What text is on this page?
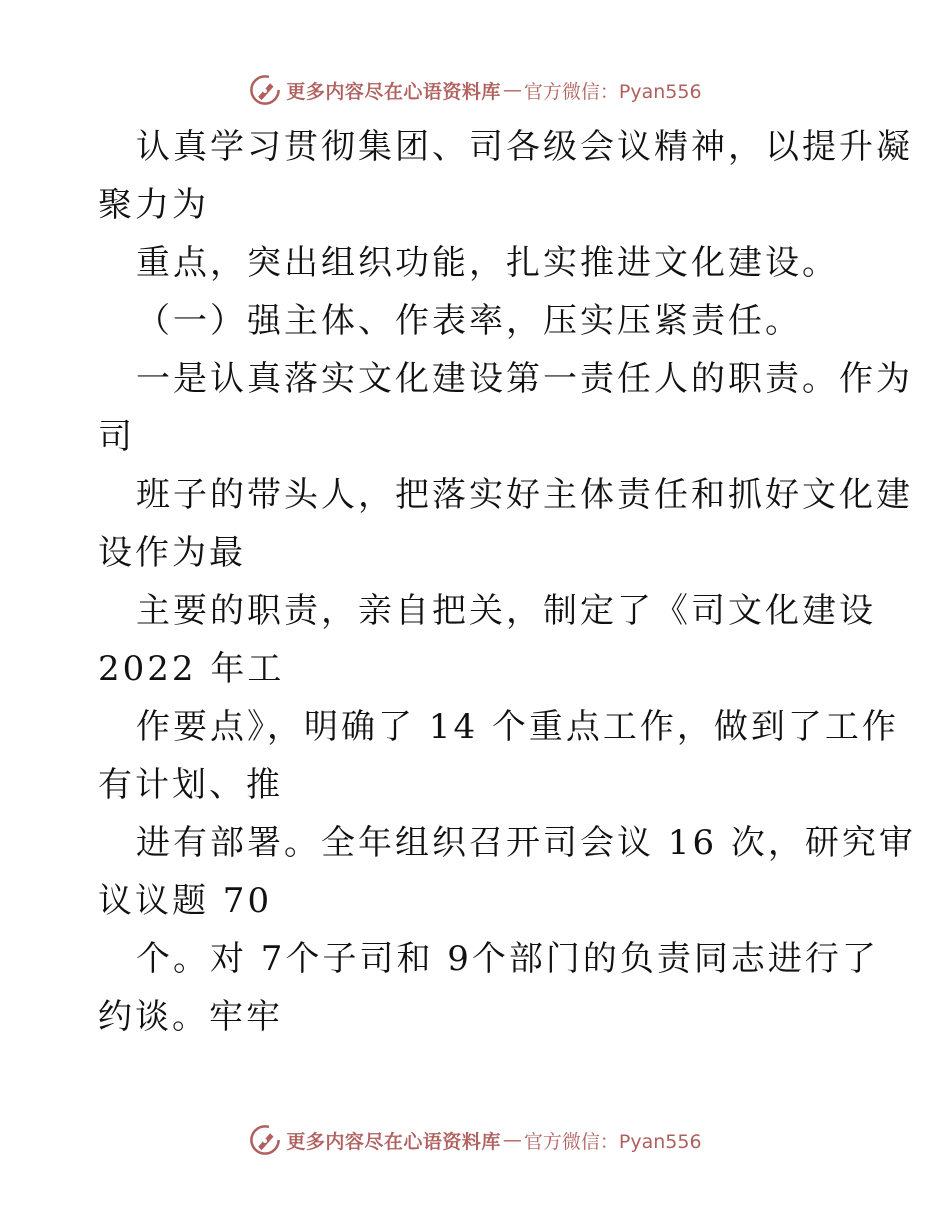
更多内容尽在心语资料库 — 官方微信：Pyan556

认真学习贯彻集团、司各级会议精神，以提升凝
聚力为
重点，突出组织功能，扎实推进文化建设。
（一）强主体、作表率，压实压紧责任。
一是认真落实文化建设第一责任人的职责。作为
司
班子的带头人，把落实好主体责任和抓好文化建
设作为最
主要的职责，亲自把关，制定了《司文化建设
2022 年工
作要点》，明确了 14 个重点工作，做到了工作
有计划、推
进有部署。全年组织召开司会议 16 次，研究审
议议题 70
个。对 7个子司和 9个部门的负责同志进行了
约谈。牢牢

更多内容尽在心语资料库 — 官方微信：Pyan556
